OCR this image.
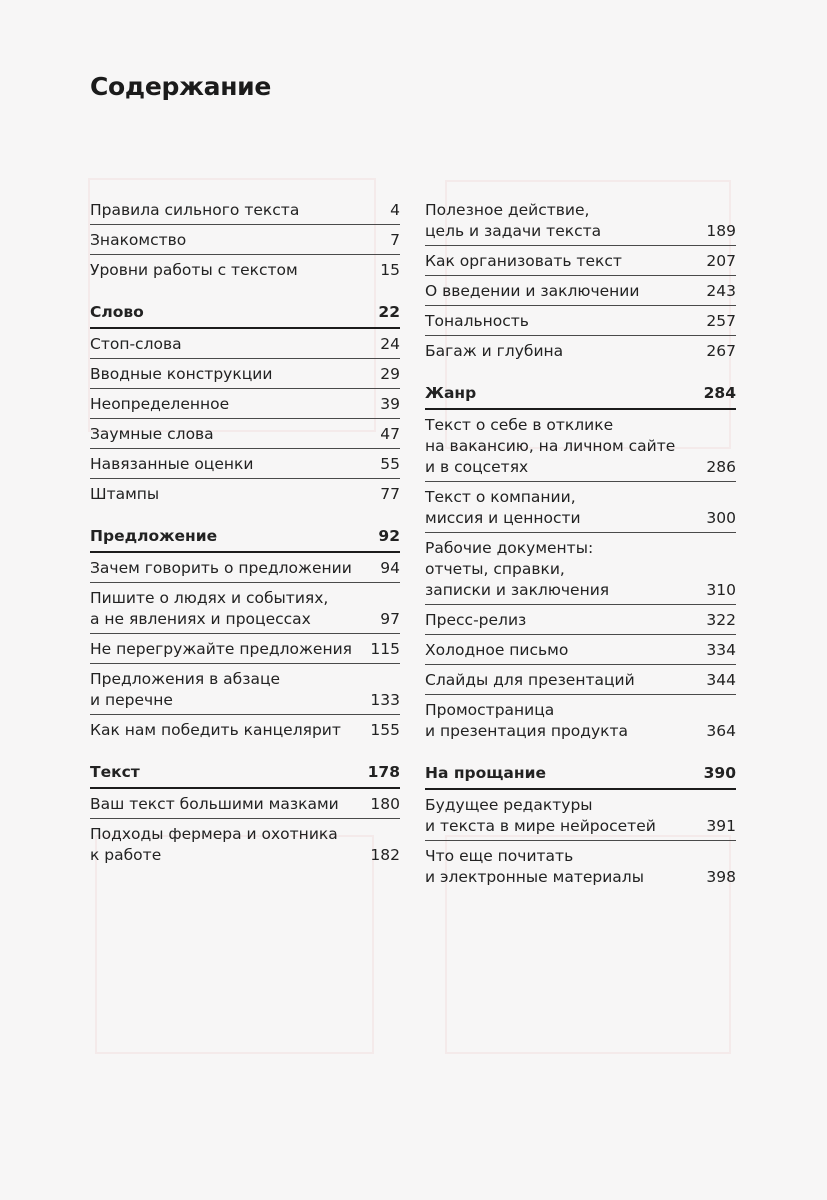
Содержание
Правила сильного текста	4
Знакомство	7
Уровни работы с текстом	15
Слово	22
Стоп-слова	24
Вводные конструкции	29
Неопределенное	39
Заумные слова	47
Навязанные оценки	55
Штампы	77
Предложение	92
Зачем говорить о предложении	94
Пишите о людях и событиях,
а не явлениях и процессах	97
Не перегружайте предложения	115
Предложения в абзаце
и перечне	133
Как нам победить канцелярит	155
Текст	178
Ваш текст большими мазками	180
Подходы фермера и охотника
к работе	182
Полезное действие,
цель и задачи текста	189
Как организовать текст	207
О введении и заключении	243
Тональность	257
Багаж и глубина	267
Жанр	284
Текст о себе в отклике
на вакансию, на личном сайте
и в соцсетях	286
Текст о компании,
миссия и ценности	300
Рабочие документы:
отчеты, справки,
записки и заключения	310
Пресс-релиз	322
Холодное письмо	334
Слайды для презентаций	344
Промостраница
и презентация продукта	364
На прощание	390
Будущее редактуры
и текста в мире нейросетей	391
Что еще почитать
и электронные материалы	398
